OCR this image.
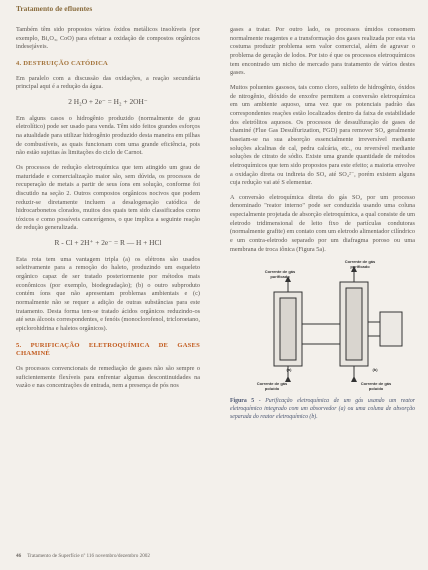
Tratamento de efluentes

Também têm sido propostos vários óxidos metálicos insolúveis (por exemplo, Bi₂O₃, CoO) para efetuar a oxidação de compostos orgânicos indesejáveis.

4. DESTRUIÇÃO CATÓDICA

Em paralelo com a discussão das oxidações, a reação secundária principal aqui é a redução da água.

2 H₂O + 2e⁻ = H₂ + 2OH⁻

Em alguns casos o hidrogênio produzido (normalmente de grau eletrolítico) pode ser usado para venda. Têm sido feitos grandes esforços na atualidade para utilizar hidrogênio produzido desta maneira em pilhas de combustíveis, as quais funcionam com uma grande eficiência, pois não estão sujeitas às limitações do ciclo de Carnot.

Os processos de redução eletroquímica que tem atingido um grau de maturidade e comercialização maior são, sem dúvida, os processos de recuperação de metais a partir de seus íons em solução, conforme foi discutido na seção 2. Outros compostos orgânicos nocivos que podem reduzir-se diretamente incluem a desalogenação catódica de hidrocarbonetos clorados, muitos dos quais tem sido classificados como tóxicos e como possíveis cancerígenos, o que implica a seguinte reação de redução generalizada.

R - Cl + 2H⁺ + 2e⁻ = R — H + HCl

Esta rota tem uma vantagem tripla (a) os elétrons são usados seletivamente para a remoção do haleto, produzindo um esqueleto orgânico capaz de ser tratado posteriormente por métodos mais econômicos (por exemplo, biodegradação); (b) o outro subproduto contém íons que não apresentam problemas ambientais e (c) normalmente não se requer a adição de outras substâncias para este tratamento. Desta forma tem-se tratado ácidos orgânicos reduzindo-os até seus álcoois correspondentes, e fenóis (monoclorofenol, tricloroetano, epiclorohidrina e haletos orgânicos).

5. PURIFICAÇÃO ELETROQUÍMICA DE GASES CHAMINÉ

Os processos convencionais de remediação de gases não são sempre o suficientemente flexíveis para enfrentar algumas descontinuidades na vazão e nas concentrações de entrada, nem a presença de pós nos

gases a tratar. Por outro lado, os processos úmidos consomem normalmente reagentes e a transformação dos gases realizada por esta via costuma produzir problema sem valor comercial, além de agravar o problema de geração de lodos. Por isto é que os processos eletroquímicos tem encontrado um nicho de mercado para tratamento de vários destes gases.

Muitos poluentes gasosos, tais como cloro, sulfeto de hidrogênio, óxidos de nitrogênio, dióxido de enxofre permitem a conversão eletroquímica em um ambiente aquoso, uma vez que os potenciais padrão das correspondentes reações estão localizados dentro da faixa de estabilidade dos eletrólitos aquosos. Os processos de dessulfuração de gases de chaminé (Flue Gas Desulfurization, FGD) para remover SO₂ geralmente baseiam-se na sua absorção essencialmente irreversível mediante soluções alcalinas de cal, pedra calcária, etc., ou reversível mediante soluções de citrato de sódio. Existe uma grande quantidade de métodos eletroquímicos que tem sido propostos para este efeito; a maioria envolve a oxidação direta ou indireta do SO₂ até SO₄²⁻, porém existem alguns cuja redução vai até S elementar.

A conversão eletroquímica direta do gás SO₂ por um processo denominado "reator interno" pode ser conduzida usando uma coluna especialmente projetada de absorção eletroquímica, a qual consiste de um eletrodo tridimensional de leito fixo de partículas condutoras (normalmente grafite) em contato com um eletrodo alimentador cilíndrico e um contra-eletrodo separado por um diafragma poroso ou uma membrana de troca iônica (Figura 5a).

Corrente de gás purificado
Corrente de gás purificado
(a)	(b)
Corrente de gás poluído
Corrente de gás poluído
Figura 5 - Purificação eletroquímica de um gás usando um reator eletroquímico integrado com um absorvedor (a) ou uma coluna de absorção separada do reator eletroquímico (b).
46 Tratamento de Superfície nº 116 novembro/dezembro 2002
